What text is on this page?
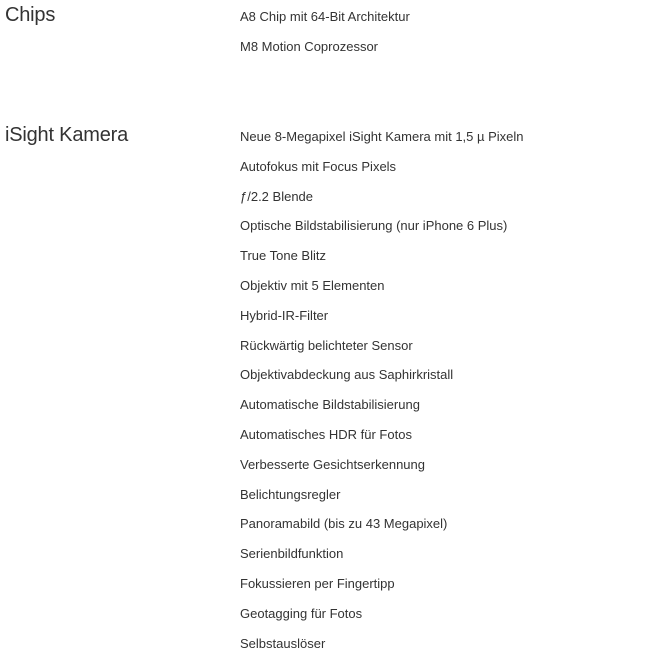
Chips	A8 Chip mit 64-Bit Architektur
M8 Motion Coprozessor
iSight Kamera	Neue 8-Megapixel iSight Kamera mit 1,5 µ Pixeln
Autofokus mit Focus Pixels
ƒ/2.2 Blende
Optische Bildstabilisierung (nur iPhone 6 Plus)
True Tone Blitz
Objektiv mit 5 Elementen
Hybrid-IR-Filter
Rückwärtig belichteter Sensor
Objektivabdeckung aus Saphirkristall
Automatische Bildstabilisierung
Automatisches HDR für Fotos
Verbesserte Gesichtserkennung
Belichtungsregler
Panoramabild (bis zu 43 Megapixel)
Serienbildfunktion
Fokussieren per Fingertipp
Geotagging für Fotos
Selbstauslöser
